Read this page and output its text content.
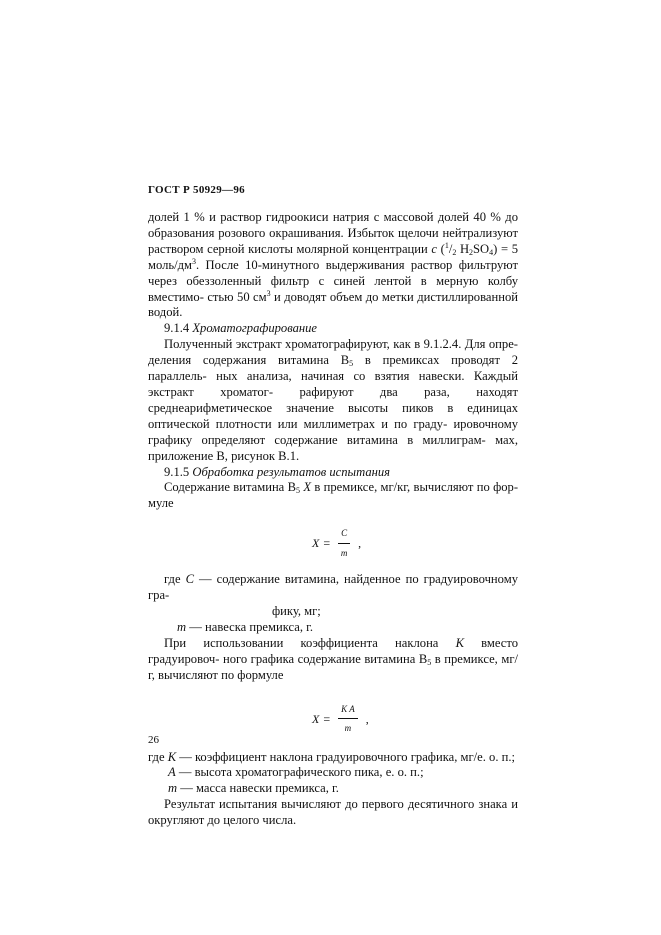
ГОСТ Р 50929—96

долей 1 % и раствор гидроокиси натрия с массовой долей 40 % до образования розового окрашивания. Избыток щелочи нейтрализуют раствором серной кислоты молярной концентрации с ($^1/_2$ $H_2SO_4) = 5$ моль/$дм^3$. После 10-минутного выдерживания раствор фильтруют через обеззоленный фильтр с синей лентой в мерную колбу вместимо- стью 50 $см^3$ и доводят объем до метки дистиллированной водой.

9.1.4 Хроматографирование

Полученный экстракт хроматографируют, как в 9.1.2.4. Для опре- деления содержания витамина $В_5$ в премиксах проводят 2 параллель- ных анализа, начиная со взятия навески. Каждый экстракт хроматог- рафируют два раза, находят среднеарифметическое значение высоты пиков в единицах оптической плотности или миллиметрах и по граду- ировочному графику определяют содержание витамина в миллиграм- мах, приложение В, рисунок В.1.

9.1.5 Обработка результатов испытания

Содержание витамина $В_5$ X в премиксе, мг/кг, вычисляют по фор- муле

$X = \frac{C}{m}$ ,

где С — содержание витамина, найденное по градуировочному гра-

фику, мг;

m — навеска премикса, г.

При использовании коэффициента наклона К вместо градуировоч- ного графика содержание витамина $В_5$ в премиксе, мг/г, вычисляют по формуле

$X = \frac{\text{K A}}{m}$ ,

где К — коэффициент наклона градуировочного графика, мг/е. о. п.;

А — высота хроматографического пика, е. о. п.;

m — масса навески премикса, г.

Результат испытания вычисляют до первого десятичного знака и округляют до целого числа.

26
